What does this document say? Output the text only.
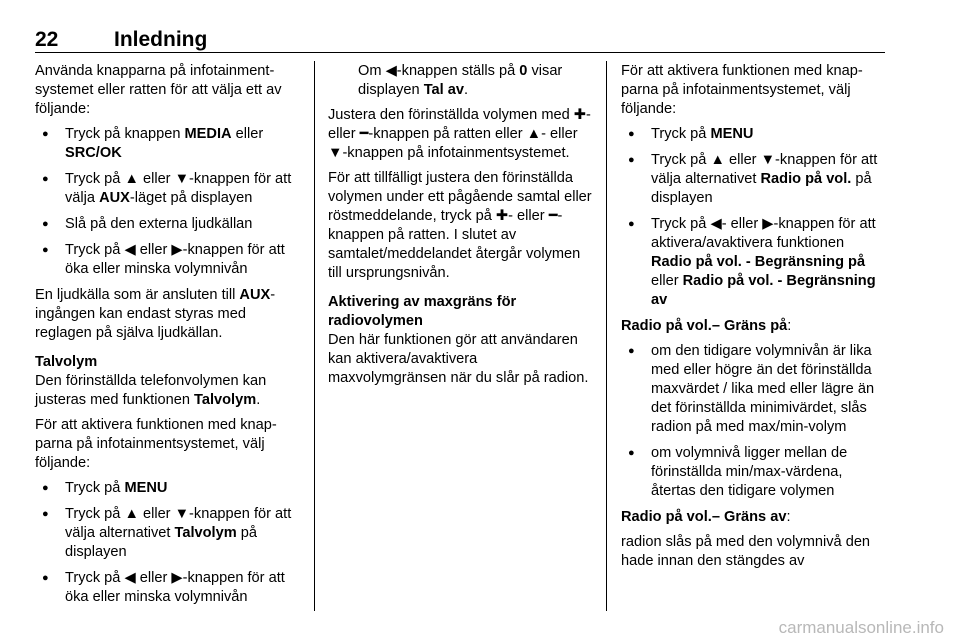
22	Inledning

Använda knapparna på infotainmentsystemet eller ratten för att välja ett av följande:

● Tryck på knappen MEDIA eller SRC/OK
● Tryck på ▲ eller ▼-knappen för att välja AUX-läget på displayen
● Slå på den externa ljudkällan
● Tryck på ◀ eller ▶-knappen för att öka eller minska volymnivån

En ljudkälla som är ansluten till AUX-ingången kan endast styras med reglagen på själva ljudkällan.

Talvolym

Den förinställda telefonvolymen kan justeras med funktionen Talvolym.

För att aktivera funktionen med knapparna på infotainmentsystemet, välj följande:

● Tryck på MENU
● Tryck på ▲ eller ▼-knappen för att välja alternativet Talvolym på displayen
● Tryck på ◀ eller ▶-knappen för att öka eller minska volymnivån

Om ◀-knappen ställs på 0 visar displayen Tal av.

Justera den förinställda volymen med ✚- eller ━-knappen på ratten eller ▲- eller ▼-knappen på infotainmentsystemet.

För att tillfälligt justera den förinställda volymen under ett pågående samtal eller röstmeddelande, tryck på ✚- eller ━-knappen på ratten. I slutet av samtalet/meddelandet återgår volymen till ursprungsnivån.

Aktivering av maxgräns för radiovolymen

Den här funktionen gör att användaren kan aktivera/avaktivera maxvolymgränsen när du slår på radion.

För att aktivera funktionen med knapparna på infotainmentsystemet, välj följande:

● Tryck på MENU
● Tryck på ▲ eller ▼-knappen för att välja alternativet Radio på vol. på displayen
● Tryck på ◀- eller ▶-knappen för att aktivera/avaktivera funktionen Radio på vol. - Begränsning på eller Radio på vol. - Begränsning av

Radio på vol.– Gräns på:

● om den tidigare volymnivån är lika med eller högre än det förinställda maxvärdet / lika med eller lägre än det förinställda minimivärdet, slås radion på med max/min-volym
● om volymnivå ligger mellan de förinställda min/max-värdena, återtas den tidigare volymen

Radio på vol.– Gräns av:

radion slås på med den volymnivå den hade innan den stängdes av

carmanualsonline.info
